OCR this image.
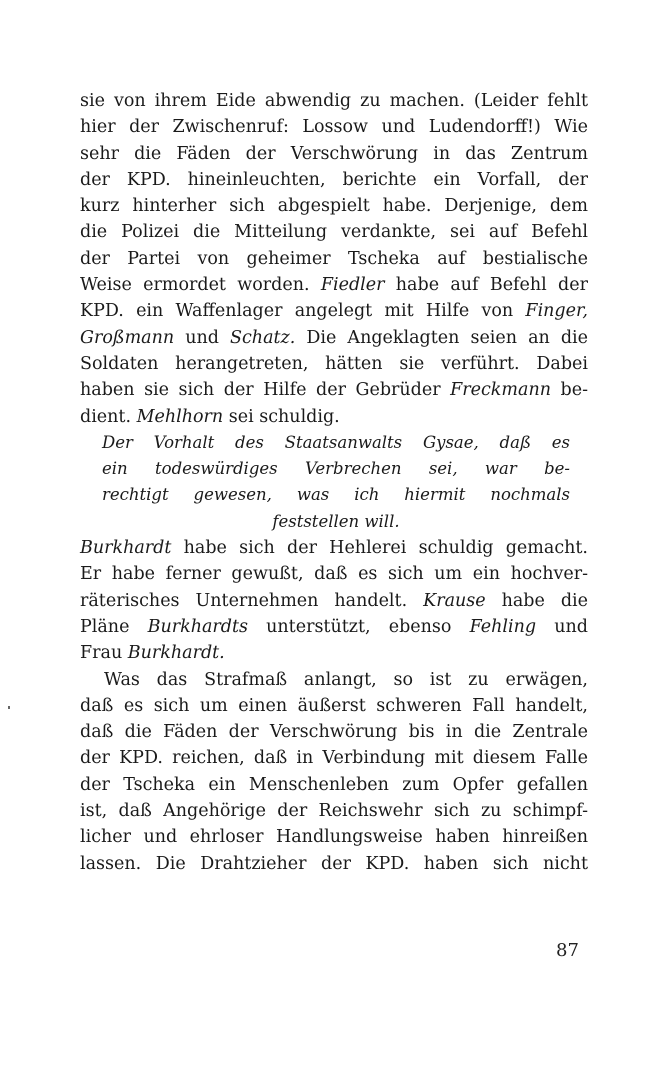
sie von ihrem Eide abwendig zu machen. (Leider fehlt
hier der Zwischenruf: Lossow und Ludendorff!) Wie
sehr die Fäden der Verschwörung in das Zentrum
der KPD. hineinleuchten, berichte ein Vorfall, der
kurz hinterher sich abgespielt habe. Derjenige, dem
die Polizei die Mitteilung verdankte, sei auf Befehl
der Partei von geheimer Tscheka auf bestialische
Weise ermordet worden. Fiedler habe auf Befehl der
KPD. ein Waffenlager angelegt mit Hilfe von Finger,
Großmann und Schatz. Die Angeklagten seien an die
Soldaten herangetreten, hätten sie verführt. Dabei
haben sie sich der Hilfe der Gebrüder Freckmann be-
dient. Mehlhorn sei schuldig.
Der Vorhalt des Staatsanwalts Gysae, daß es
ein todeswürdiges Verbrechen sei, war be-
rechtigt gewesen, was ich hiermit nochmals
feststellen will.
Burkhardt habe sich der Hehlerei schuldig gemacht.
Er habe ferner gewußt, daß es sich um ein hochver-
räterisches Unternehmen handelt. Krause habe die
Pläne Burkhardts unterstützt, ebenso Fehling und
Frau Burkhardt.
Was das Strafmaß anlangt, so ist zu erwägen,
daß es sich um einen äußerst schweren Fall handelt,
daß die Fäden der Verschwörung bis in die Zentrale
der KPD. reichen, daß in Verbindung mit diesem Falle
der Tscheka ein Menschenleben zum Opfer gefallen
ist, daß Angehörige der Reichswehr sich zu schimpf-
licher und ehrloser Handlungsweise haben hinreißen
lassen. Die Drahtzieher der KPD. haben sich nicht
87
